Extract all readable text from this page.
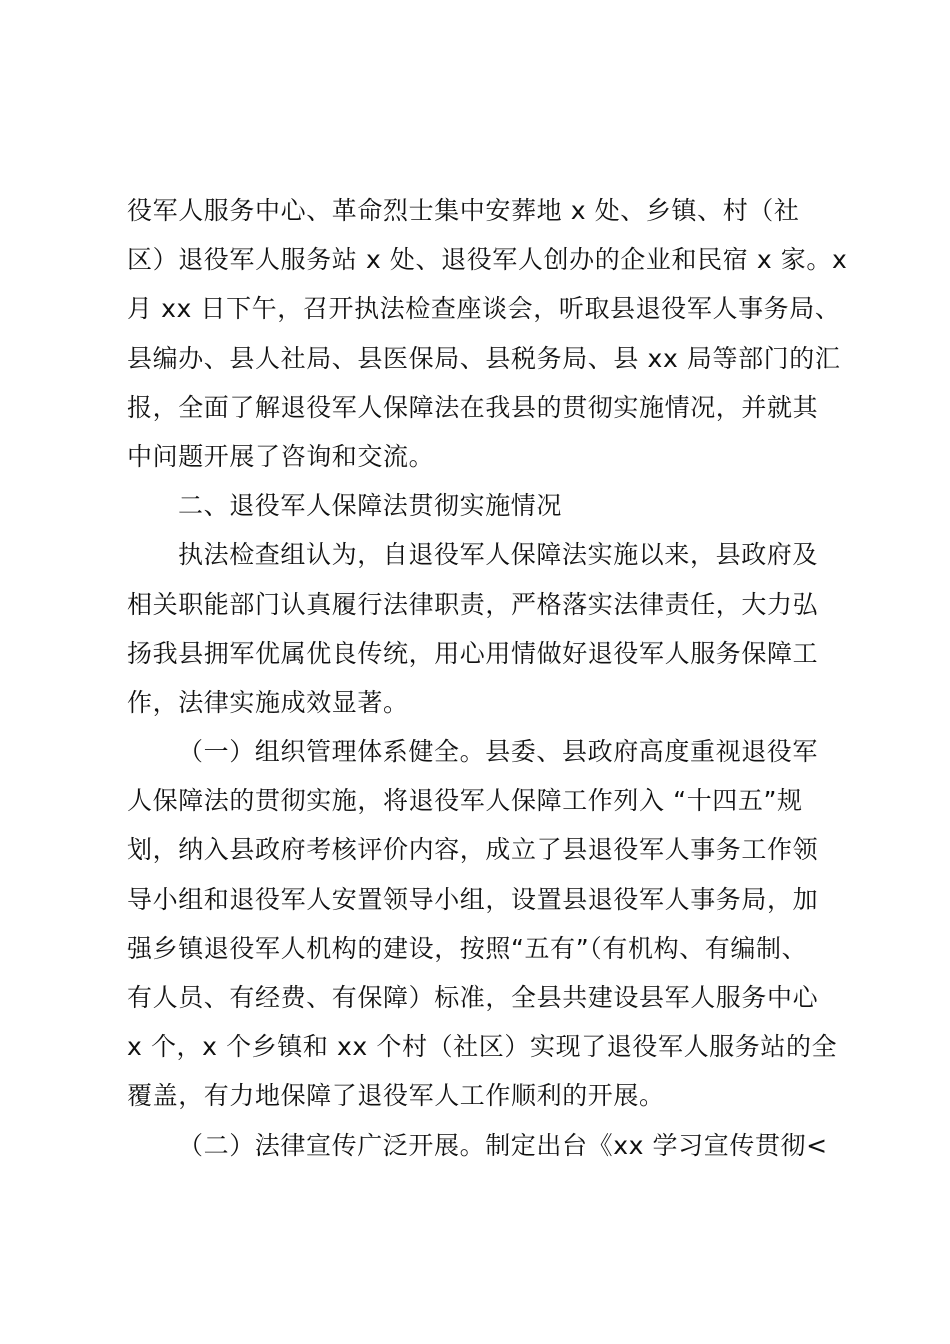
役军人服务中心、革命烈士集中安葬地 x 处、乡镇、村（社
区）退役军人服务站 x 处、退役军人创办的企业和民宿 x 家。x
月 xx 日下午，召开执法检查座谈会，听取县退役军人事务局、
县编办、县人社局、县医保局、县税务局、县 xx 局等部门的汇
报，全面了解退役军人保障法在我县的贯彻实施情况，并就其
中问题开展了咨询和交流。
二、退役军人保障法贯彻实施情况
执法检查组认为，自退役军人保障法实施以来，县政府及
相关职能部门认真履行法律职责，严格落实法律责任，大力弘
扬我县拥军优属优良传统，用心用情做好退役军人服务保障工
作，法律实施成效显著。
（一）组织管理体系健全。县委、县政府高度重视退役军
人保障法的贯彻实施，将退役军人保障工作列入 “十四五”规
划，纳入县政府考核评价内容，成立了县退役军人事务工作领
导小组和退役军人安置领导小组，设置县退役军人事务局，加
强乡镇退役军人机构的建设，按照“五有”（有机构、有编制、
有人员、有经费、有保障）标准，全县共建设县军人服务中心
x 个，x 个乡镇和 xx 个村（社区）实现了退役军人服务站的全
覆盖，有力地保障了退役军人工作顺利的开展。
（二）法律宣传广泛开展。制定出台《xx 学习宣传贯彻<
